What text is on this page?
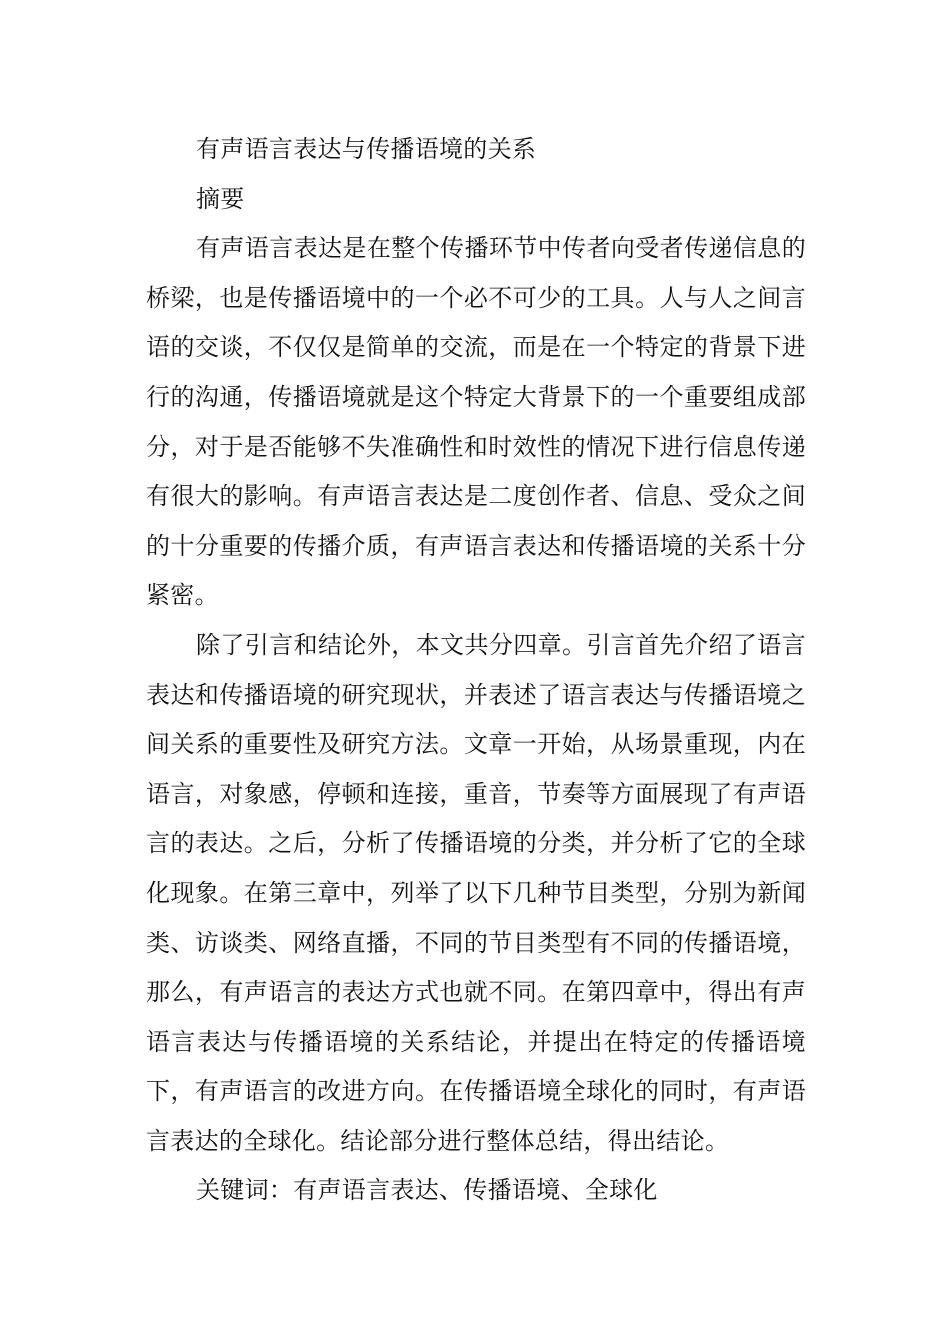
有声语言表达与传播语境的关系

摘要

有声语言表达是在整个传播环节中传者向受者传递信息的桥梁，也是传播语境中的一个必不可少的工具。人与人之间言语的交谈，不仅仅是简单的交流，而是在一个特定的背景下进行的沟通，传播语境就是这个特定大背景下的一个重要组成部分，对于是否能够不失准确性和时效性的情况下进行信息传递有很大的影响。有声语言表达是二度创作者、信息、受众之间的十分重要的传播介质，有声语言表达和传播语境的关系十分紧密。

除了引言和结论外，本文共分四章。引言首先介绍了语言表达和传播语境的研究现状，并表述了语言表达与传播语境之间关系的重要性及研究方法。文章一开始，从场景重现，内在语言，对象感，停顿和连接，重音，节奏等方面展现了有声语言的表达。之后，分析了传播语境的分类，并分析了它的全球化现象。在第三章中，列举了以下几种节目类型，分别为新闻类、访谈类、网络直播，不同的节目类型有不同的传播语境，那么，有声语言的表达方式也就不同。在第四章中，得出有声语言表达与传播语境的关系结论，并提出在特定的传播语境下，有声语言的改进方向。在传播语境全球化的同时，有声语言表达的全球化。结论部分进行整体总结，得出结论。

关键词：有声语言表达、传播语境、全球化
